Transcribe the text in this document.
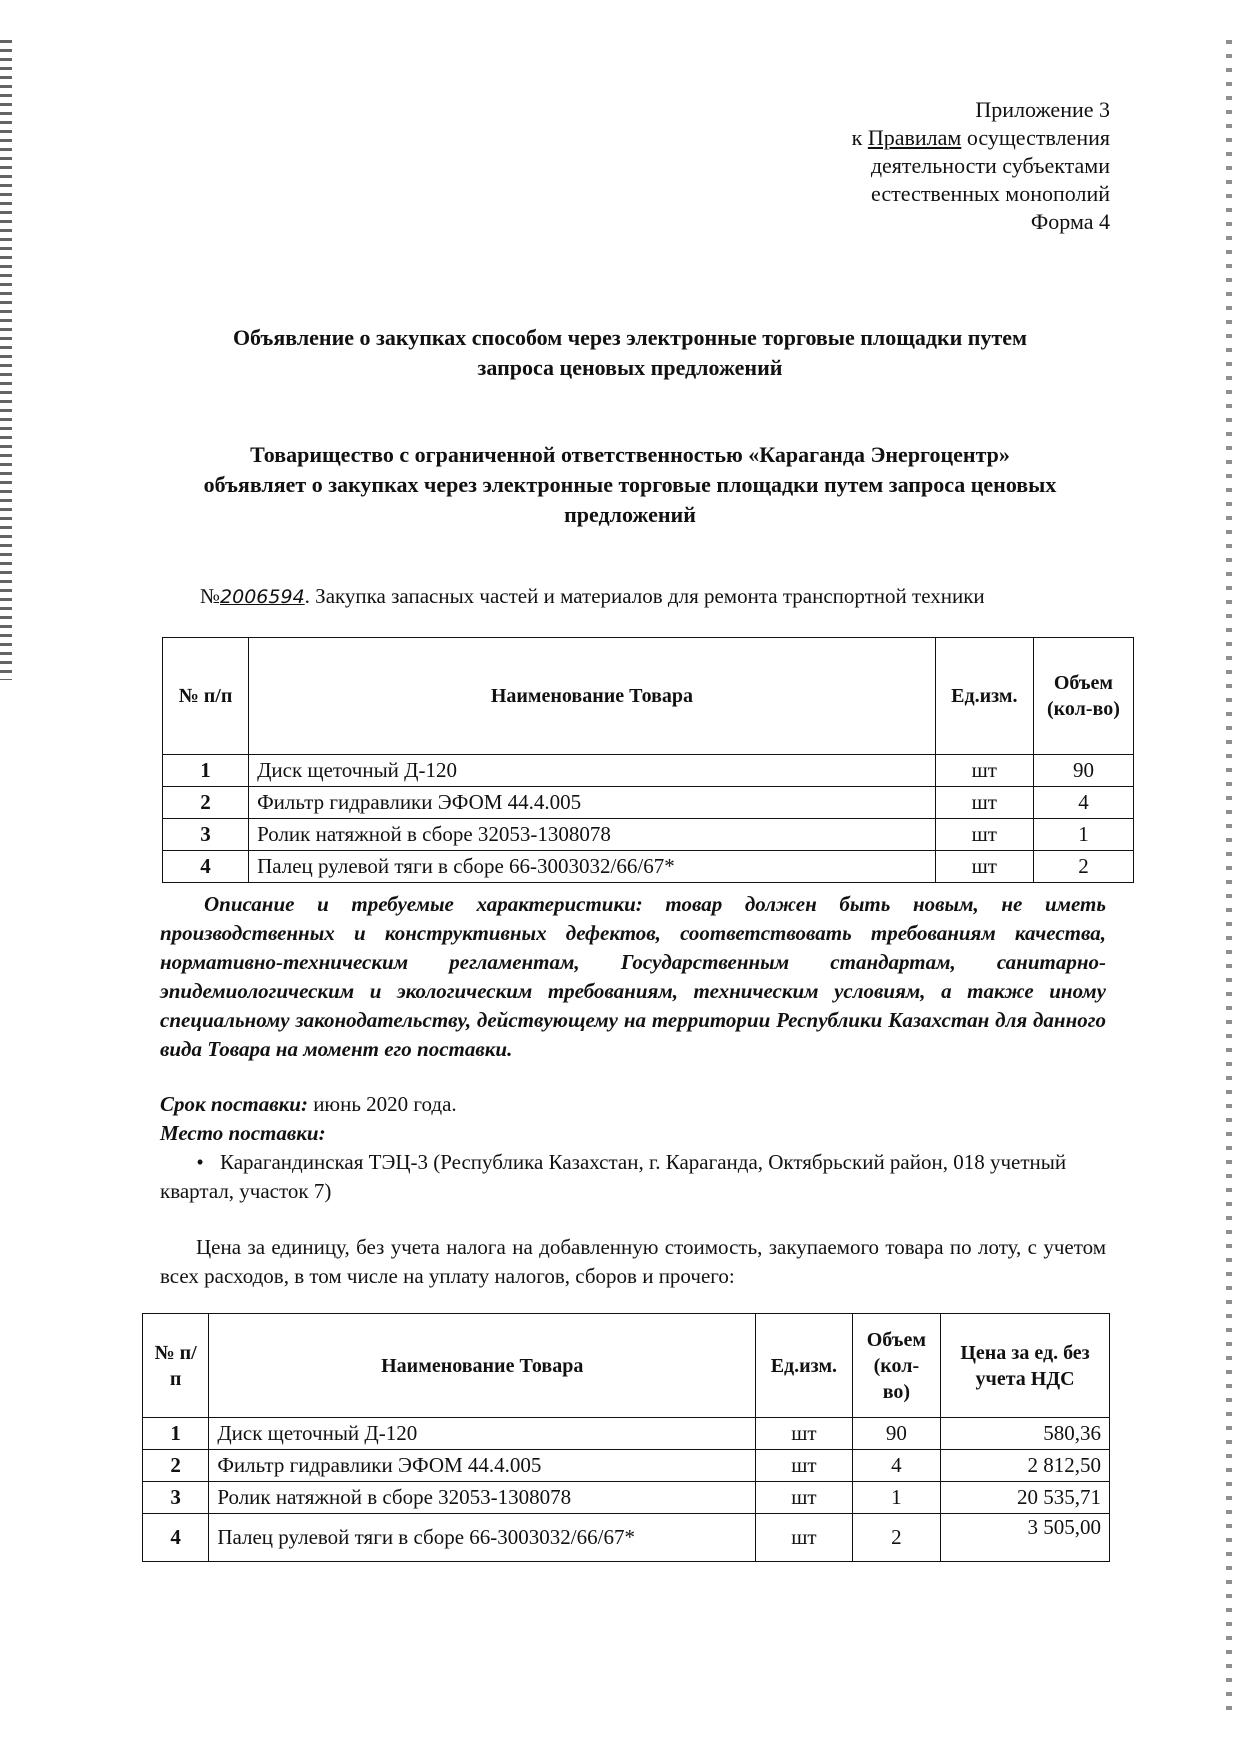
Приложение 3
к Правилам осуществления
деятельности субъектами
естественных монополий
Форма 4
Объявление о закупках способом через электронные торговые площадки путем
запроса ценовых предложений
Товарищество с ограниченной ответственностью «Караганда Энергоцентр»
объявляет о закупках через электронные торговые площадки путем запроса ценовых
предложений
№2006594. Закупка запасных частей и материалов для ремонта транспортной техники
№ п/п	Наименование Товара	Ед.изм.	Объем (кол-во)
1	Диск щеточный Д-120	шт	90
2	Фильтр гидравлики ЭФОМ 44.4.005	шт	4
3	Ролик натяжной в сборе 32053-1308078	шт	1
4	Палец рулевой тяги в сборе 66-3003032/66/67*	шт	2
Описание и требуемые характеристики: товар должен быть новым, не иметь производственных и конструктивных дефектов, соответствовать требованиям качества, нормативно-техническим регламентам, Государственным стандартам, санитарно-эпидемиологическим и экологическим требованиям, техническим условиям, а также иному специальному законодательству, действующему на территории Республики Казахстан для данного вида Товара на момент его поставки.
Срок поставки: июнь 2020 года.
Место поставки:
• Карагандинская ТЭЦ-3 (Республика Казахстан, г. Караганда, Октябрьский район, 018 учетный квартал, участок 7)
Цена за единицу, без учета налога на добавленную стоимость, закупаемого товара по лоту, с учетом всех расходов, в том числе на уплату налогов, сборов и прочего:
№ п/п	Наименование Товара	Ед.изм.	Объем (кол-во)	Цена за ед. без учета НДС
1	Диск щеточный Д-120	шт	90	580,36
2	Фильтр гидравлики ЭФОМ 44.4.005	шт	4	2 812,50
3	Ролик натяжной в сборе 32053-1308078	шт	1	20 535,71
4	Палец рулевой тяги в сборе 66-3003032/66/67*	шт	2	3 505,00
